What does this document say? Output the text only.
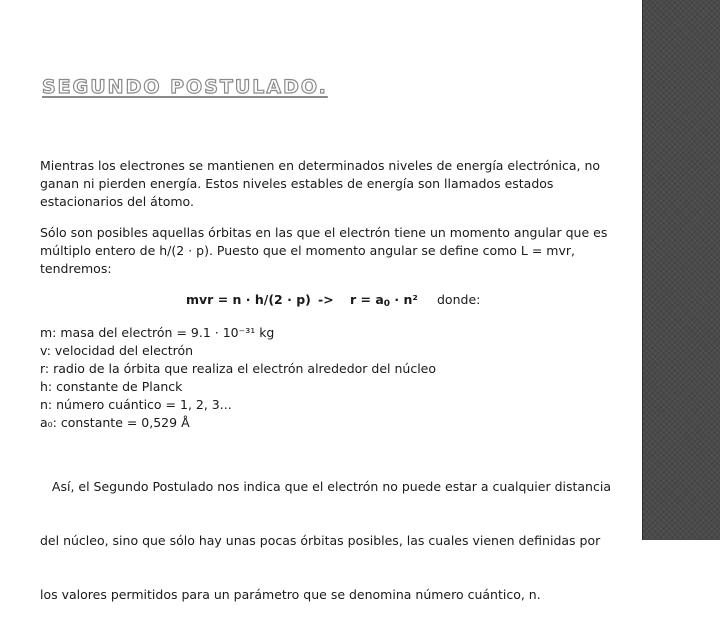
SEGUNDO POSTULADO.
Mientras los electrones se mantienen en determinados niveles de energía electrónica, no
ganan ni pierden energía. Estos niveles estables de energía son llamados estados
estacionarios del átomo.
Sólo son posibles aquellas órbitas en las que el electrón tiene un momento angular que es
múltiplo entero de h/(2 · p). Puesto que el momento angular se define como L = mvr,
tendremos:
mvr = $n \cdot h/(2 \cdot p) -> r = a_0 \cdot n^2$ donde:
m: masa del electrón = 9.1 · 10⁻³¹ kg
v: velocidad del electrón
r: radio de la órbita que realiza el electrón alrededor del núcleo
h: constante de Planck
n: número cuántico = 1, 2, 3...
a₀: constante = 0,529 Å

Así, el Segundo Postulado nos indica que el electrón no puede estar a cualquier distancia

del núcleo, sino que sólo hay unas pocas órbitas posibles, las cuales vienen definidas por

los valores permitidos para un parámetro que se denomina número cuántico, n.
